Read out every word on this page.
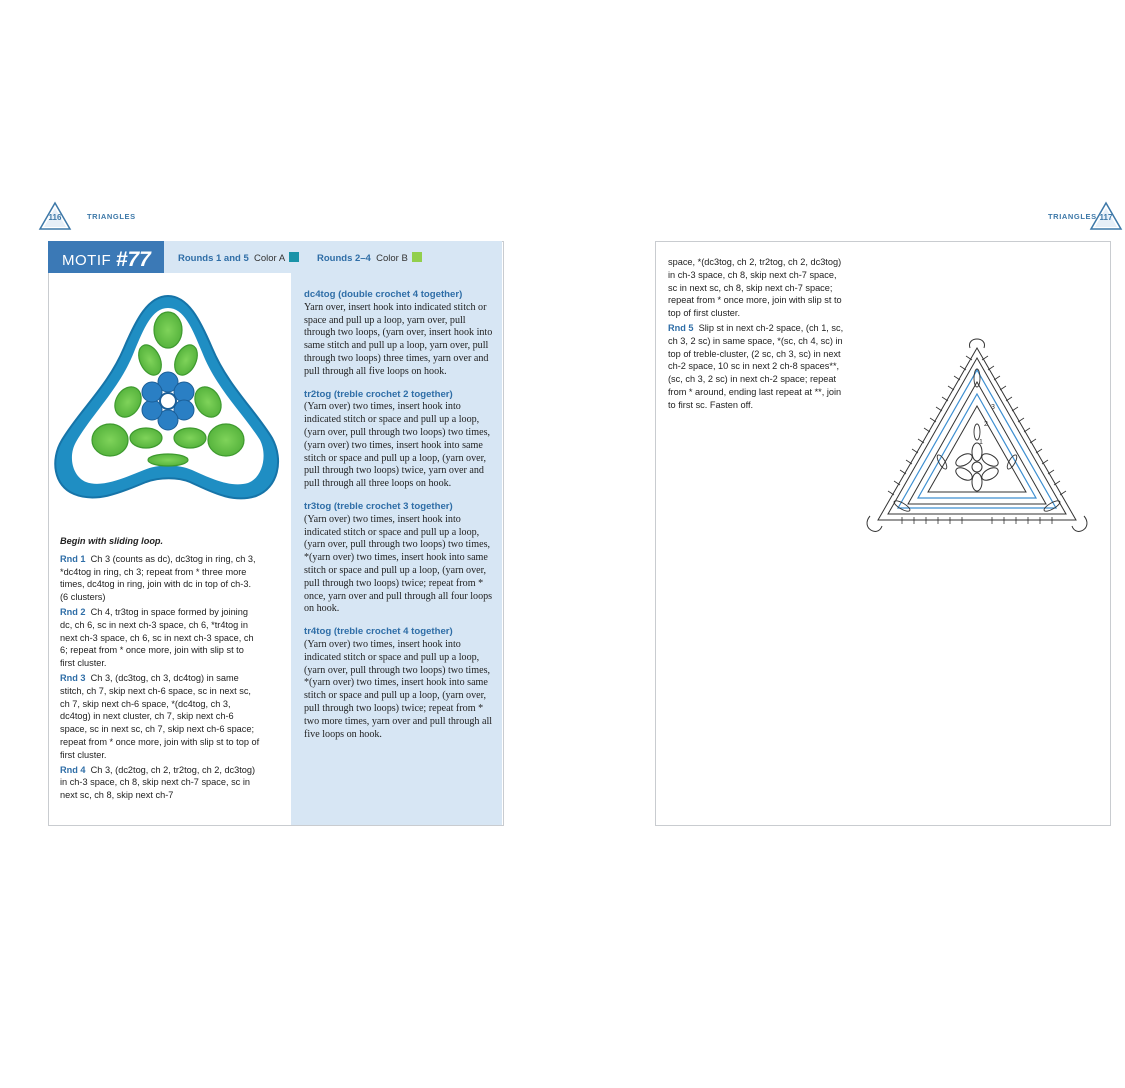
116	TRIANGLES	TRIANGLES 117
MOTIF #77	Rounds 1 and 5 Color A	Rounds 2–4 Color B

Begin with sliding loop.

Rnd 1 Ch 3 (counts as dc), dc3tog in ring, ch 3, *dc4tog in ring, ch 3; repeat from * three more times, dc4tog in ring, join with dc in top of ch-3. (6 clusters)

Rnd 2 Ch 4, tr3tog in space formed by joining dc, ch 6, sc in next ch-3 space, ch 6, *tr4tog in next ch-3 space, ch 6, sc in next ch-3 space, ch 6; repeat from * once more, join with slip st to first cluster.

Rnd 3 Ch 3, (dc3tog, ch 3, dc4tog) in same stitch, ch 7, skip next ch-6 space, sc in next sc, ch 7, skip next ch-6 space, *(dc4tog, ch 3, dc4tog) in next cluster, ch 7, skip next ch-6 space, sc in next sc, ch 7, skip next ch-6 space; repeat from * once more, join with slip st to top of first cluster.

Rnd 4 Ch 3, (dc2tog, ch 2, tr2tog, ch 2, dc3tog) in ch-3 space, ch 8, skip next ch-7 space, sc in next sc, ch 8, skip next ch-7

dc4tog (double crochet 4 together)
Yarn over, insert hook into indicated stitch or space and pull up a loop, yarn over, pull through two loops, (yarn over, insert hook into same stitch and pull up a loop, yarn over, pull through two loops) three times, yarn over and pull through all five loops on hook.
tr2tog (treble crochet 2 together)
(Yarn over) two times, insert hook into indicated stitch or space and pull up a loop, (yarn over, pull through two loops) two times, (yarn over) two times, insert hook into same stitch or space and pull up a loop, (yarn over, pull through two loops) twice, yarn over and pull through all three loops on hook.
tr3tog (treble crochet 3 together)
(Yarn over) two times, insert hook into indicated stitch or space and pull up a loop, (yarn over, pull through two loops) two times, *(yarn over) two times, insert hook into same stitch or space and pull up a loop, (yarn over, pull through two loops) twice; repeat from * once, yarn over and pull through all four loops on hook.
tr4tog (treble crochet 4 together)
(Yarn over) two times, insert hook into indicated stitch or space and pull up a loop, (yarn over, pull through two loops) two times, *(yarn over) two times, insert hook into same stitch or space and pull up a loop, (yarn over, pull through two loops) twice; repeat from * two more times, yarn over and pull through all five loops on hook.

space, *(dc3tog, ch 2, tr2tog, ch 2, dc3tog) in ch-3 space, ch 8, skip next ch-7 space, sc in next sc, ch 8, skip next ch-7 space; repeat from * once more, join with slip st to top of first cluster.

Rnd 5 Slip st in next ch-2 space, (ch 1, sc, ch 3, 2 sc) in same space, *(sc, ch 4, sc) in top of treble-cluster, (2 sc, ch 3, sc) in next ch-2 space, 10 sc in next 2 ch-8 spaces**, (sc, ch 3, 2 sc) in next ch-2 space; repeat from * around, ending last repeat at **, join to first sc. Fasten off.	3
2
1
